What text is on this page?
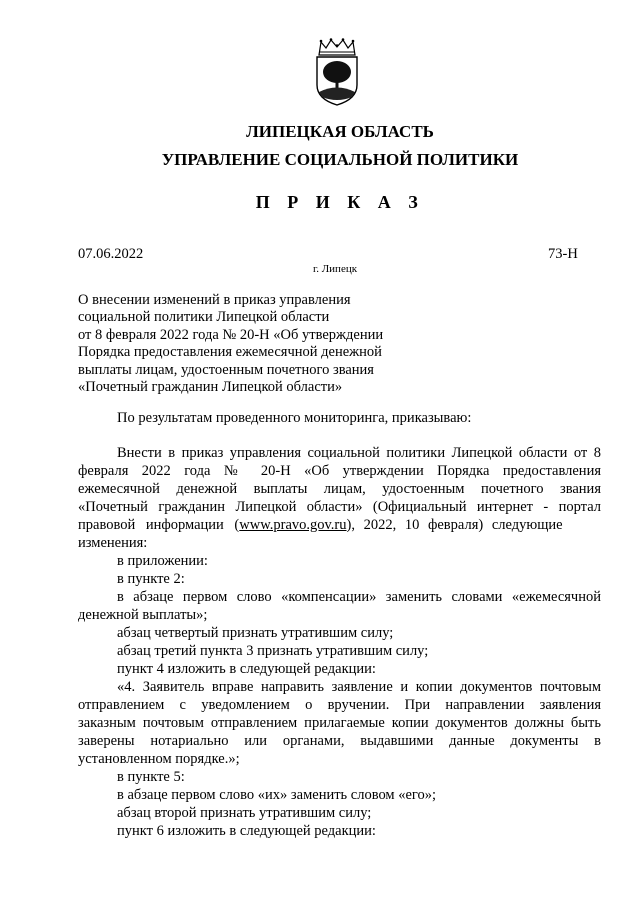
ЛИПЕЦКАЯ ОБЛАСТЬ
УПРАВЛЕНИЕ СОЦИАЛЬНОЙ ПОЛИТИКИ
П Р И К А З
07.06.2022	73-Н
г. Липецк
О внесении изменений в приказ управления
социальной политики Липецкой области
от 8 февраля 2022 года № 20-Н «Об утверждении
Порядка предоставления ежемесячной денежной
выплаты лицам, удостоенным почетного звания
«Почетный гражданин Липецкой области»
По результатам проведенного мониторинга, приказываю:
Внести в приказ управления социальной политики Липецкой области от 8
февраля 2022 года № 20-Н «Об утверждении Порядка предоставления
ежемесячной денежной выплаты лицам, удостоенным почетного звания
«Почетный гражданин Липецкой области» (Официальный интернет - портал
правовой информации (www.pravo.gov.ru), 2022, 10 февраля) следующие
изменения:
в приложении:
в пункте 2:
в абзаце первом слово «компенсации» заменить словами «ежемесячной
денежной выплаты»;
абзац четвертый признать утратившим силу;
абзац третий пункта 3 признать утратившим силу;
пункт 4 изложить в следующей редакции:
«4. Заявитель вправе направить заявление и копии документов почтовым
отправлением с уведомлением о вручении. При направлении заявления
заказным почтовым отправлением прилагаемые копии документов должны быть
заверены нотариально или органами, выдавшими данные документы в
установленном порядке.»;
в пункте 5:
в абзаце первом слово «их» заменить словом «его»;
абзац второй признать утратившим силу;
пункт 6 изложить в следующей редакции:
